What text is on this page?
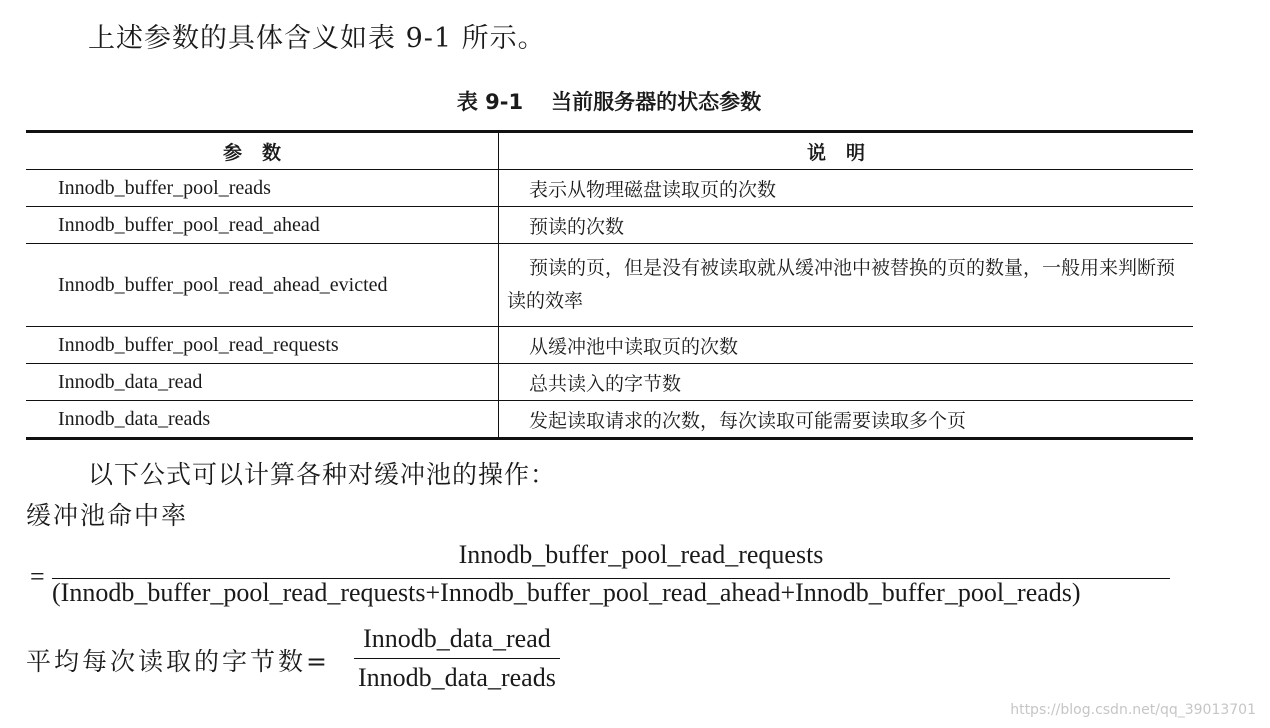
上述参数的具体含义如表 9-1 所示。
表 9-1 当前服务器的状态参数
参数	说明
Innodb_buffer_pool_reads	表示从物理磁盘读取页的次数
Innodb_buffer_pool_read_ahead	预读的次数
Innodb_buffer_pool_read_ahead_evicted	预读的页，但是没有被读取就从缓冲池中被替换的页的数量，一般用来判断预读的效率
Innodb_buffer_pool_read_requests	从缓冲池中读取页的次数
Innodb_data_read	总共读入的字节数
Innodb_data_reads	发起读取请求的次数，每次读取可能需要读取多个页
以下公式可以计算各种对缓冲池的操作：
缓冲池命中率
=
Innodb_buffer_pool_read_requests
(Innodb_buffer_pool_read_requests+Innodb_buffer_pool_read_ahead+Innodb_buffer_pool_reads)
平均每次读取的字节数=
Innodb_data_read
Innodb_data_reads
https://blog.csdn.net/qq_39013701
